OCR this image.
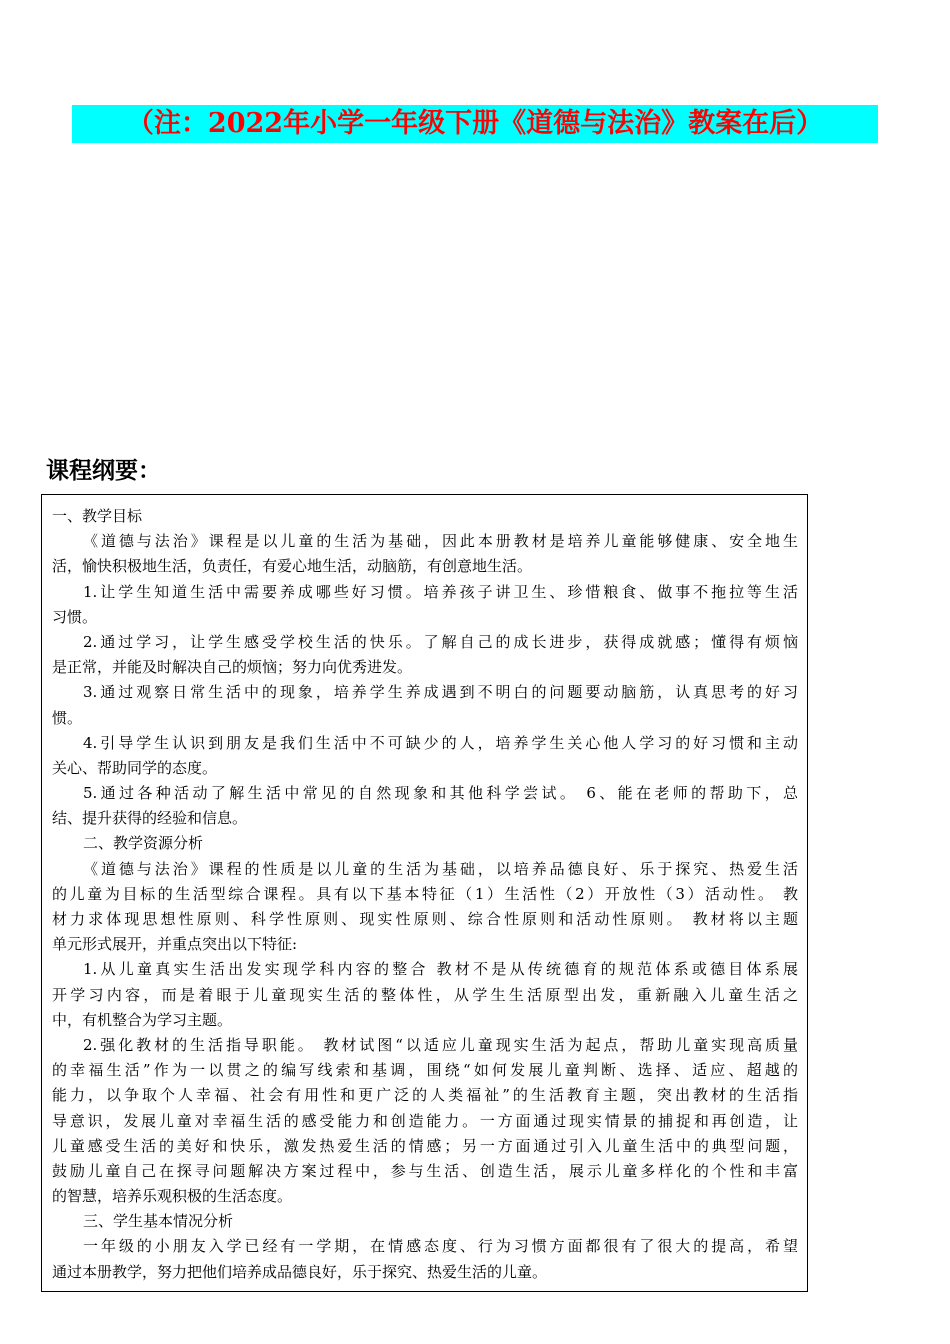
（注：2022年小学一年级下册《道德与法治》教案在后）
课程纲要：
一、教学目标
《道德与法治》课程是以儿童的生活为基础，因此本册教材是培养儿童能够健康、安全地生
活，愉快积极地生活，负责任，有爱心地生活，动脑筋，有创意地生活。
1.让学生知道生活中需要养成哪些好习惯。培养孩子讲卫生、珍惜粮食、做事不拖拉等生活
习惯。
2.通过学习，让学生感受学校生活的快乐。了解自己的成长进步，获得成就感；懂得有烦恼
是正常，并能及时解决自己的烦恼；努力向优秀进发。
3.通过观察日常生活中的现象，培养学生养成遇到不明白的问题要动脑筋，认真思考的好习
惯。
4.引导学生认识到朋友是我们生活中不可缺少的人，培养学生关心他人学习的好习惯和主动
关心、帮助同学的态度。
5.通过各种活动了解生活中常见的自然现象和其他科学尝试。 6、能在老师的帮助下，总
结、提升获得的经验和信息。
二、教学资源分析
《道德与法治》课程的性质是以儿童的生活为基础，以培养品德良好、乐于探究、热爱生活
的儿童为目标的生活型综合课程。具有以下基本特征（1）生活性（2）开放性（3）活动性。 教
材力求体现思想性原则、科学性原则、现实性原则、综合性原则和活动性原则。 教材将以主题
单元形式展开，并重点突出以下特征:
1.从儿童真实生活出发实现学科内容的整合 教材不是从传统德育的规范体系或德目体系展
开学习内容，而是着眼于儿童现实生活的整体性，从学生生活原型出发，重新融入儿童生活之
中，有机整合为学习主题。
2.强化教材的生活指导职能。 教材试图“以适应儿童现实生活为起点，帮助儿童实现高质量
的幸福生活”作为一以贯之的编写线索和基调，围绕“如何发展儿童判断、选择、适应、超越的
能力，以争取个人幸福、社会有用性和更广泛的人类福祉”的生活教育主题，突出教材的生活指
导意识，发展儿童对幸福生活的感受能力和创造能力。一方面通过现实情景的捕捉和再创造，让
儿童感受生活的美好和快乐，激发热爱生活的情感；另一方面通过引入儿童生活中的典型问题，
鼓励儿童自己在探寻问题解决方案过程中，参与生活、创造生活，展示儿童多样化的个性和丰富
的智慧，培养乐观积极的生活态度。
三、学生基本情况分析
一年级的小朋友入学已经有一学期，在情感态度、行为习惯方面都很有了很大的提高，希望
通过本册教学，努力把他们培养成品德良好，乐于探究、热爱生活的儿童。
